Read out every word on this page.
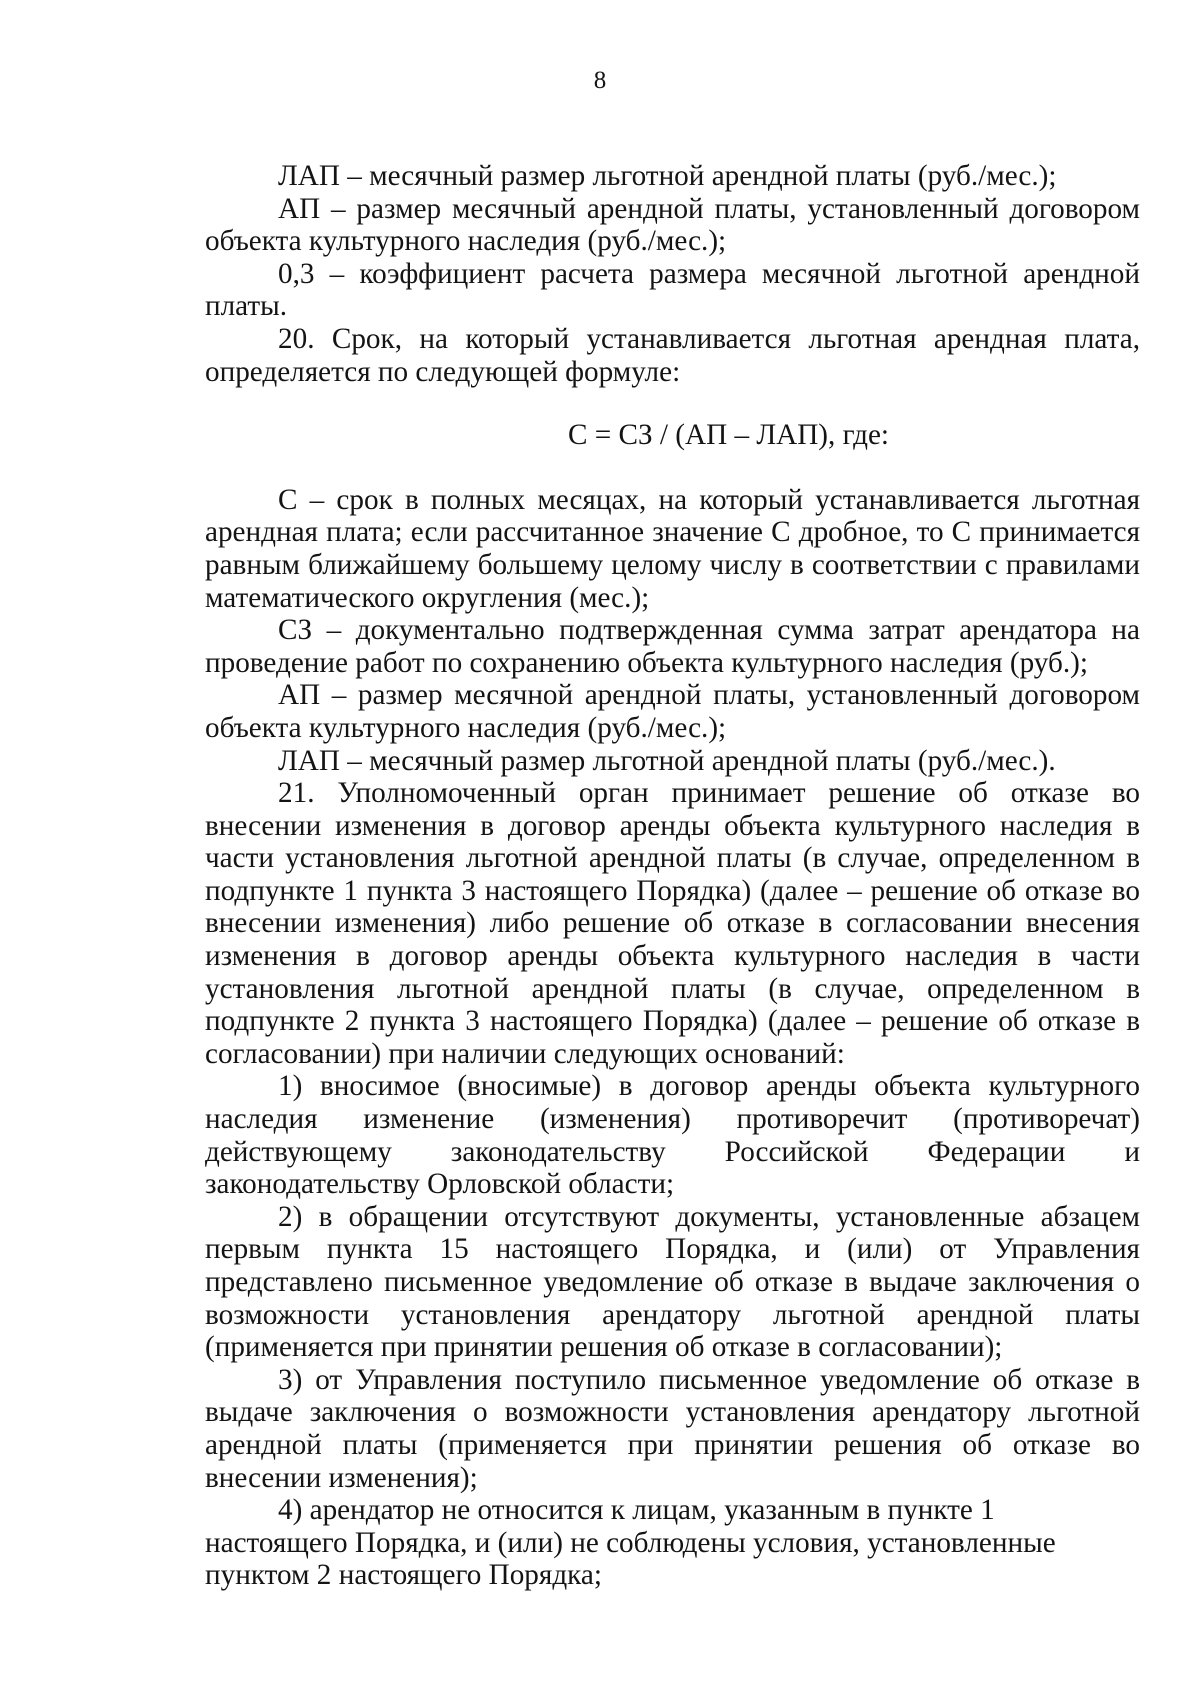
8

ЛАП – месячный размер льготной арендной платы (руб./мес.);

АП – размер месячный арендной платы, установленный договором объекта культурного наследия (руб./мес.);

0,3 – коэффициент расчета размера месячной льготной арендной платы.

20. Срок, на который устанавливается льготная арендная плата, определяется по следующей формуле:

С = СЗ / (АП – ЛАП), где:

С – срок в полных месяцах, на который устанавливается льготная арендная плата; если рассчитанное значение С дробное, то С принимается равным ближайшему большему целому числу в соответствии с правилами математического округления (мес.);

СЗ – документально подтвержденная сумма затрат арендатора на проведение работ по сохранению объекта культурного наследия (руб.);

АП – размер месячной арендной платы, установленный договором объекта культурного наследия (руб./мес.);

ЛАП – месячный размер льготной арендной платы (руб./мес.).

21. Уполномоченный орган принимает решение об отказе во внесении изменения в договор аренды объекта культурного наследия в части установления льготной арендной платы (в случае, определенном в подпункте 1 пункта 3 настоящего Порядка) (далее – решение об отказе во внесении изменения) либо решение об отказе в согласовании внесения изменения в договор аренды объекта культурного наследия в части установления льготной арендной платы (в случае, определенном в подпункте 2 пункта 3 настоящего Порядка) (далее – решение об отказе в согласовании) при наличии следующих оснований:

1) вносимое (вносимые) в договор аренды объекта культурного наследия изменение (изменения) противоречит (противоречат) действующему законодательству Российской Федерации и законодательству Орловской области;

2) в обращении отсутствуют документы, установленные абзацем первым пункта 15 настоящего Порядка, и (или) от Управления представлено письменное уведомление об отказе в выдаче заключения о возможности установления арендатору льготной арендной платы (применяется при принятии решения об отказе в согласовании);

3) от Управления поступило письменное уведомление об отказе в выдаче заключения о возможности установления арендатору льготной арендной платы (применяется при принятии решения об отказе во внесении изменения);

4) арендатор не относится к лицам, указанным в пункте 1 настоящего Порядка, и (или) не соблюдены условия, установленные пунктом 2 настоящего Порядка;
